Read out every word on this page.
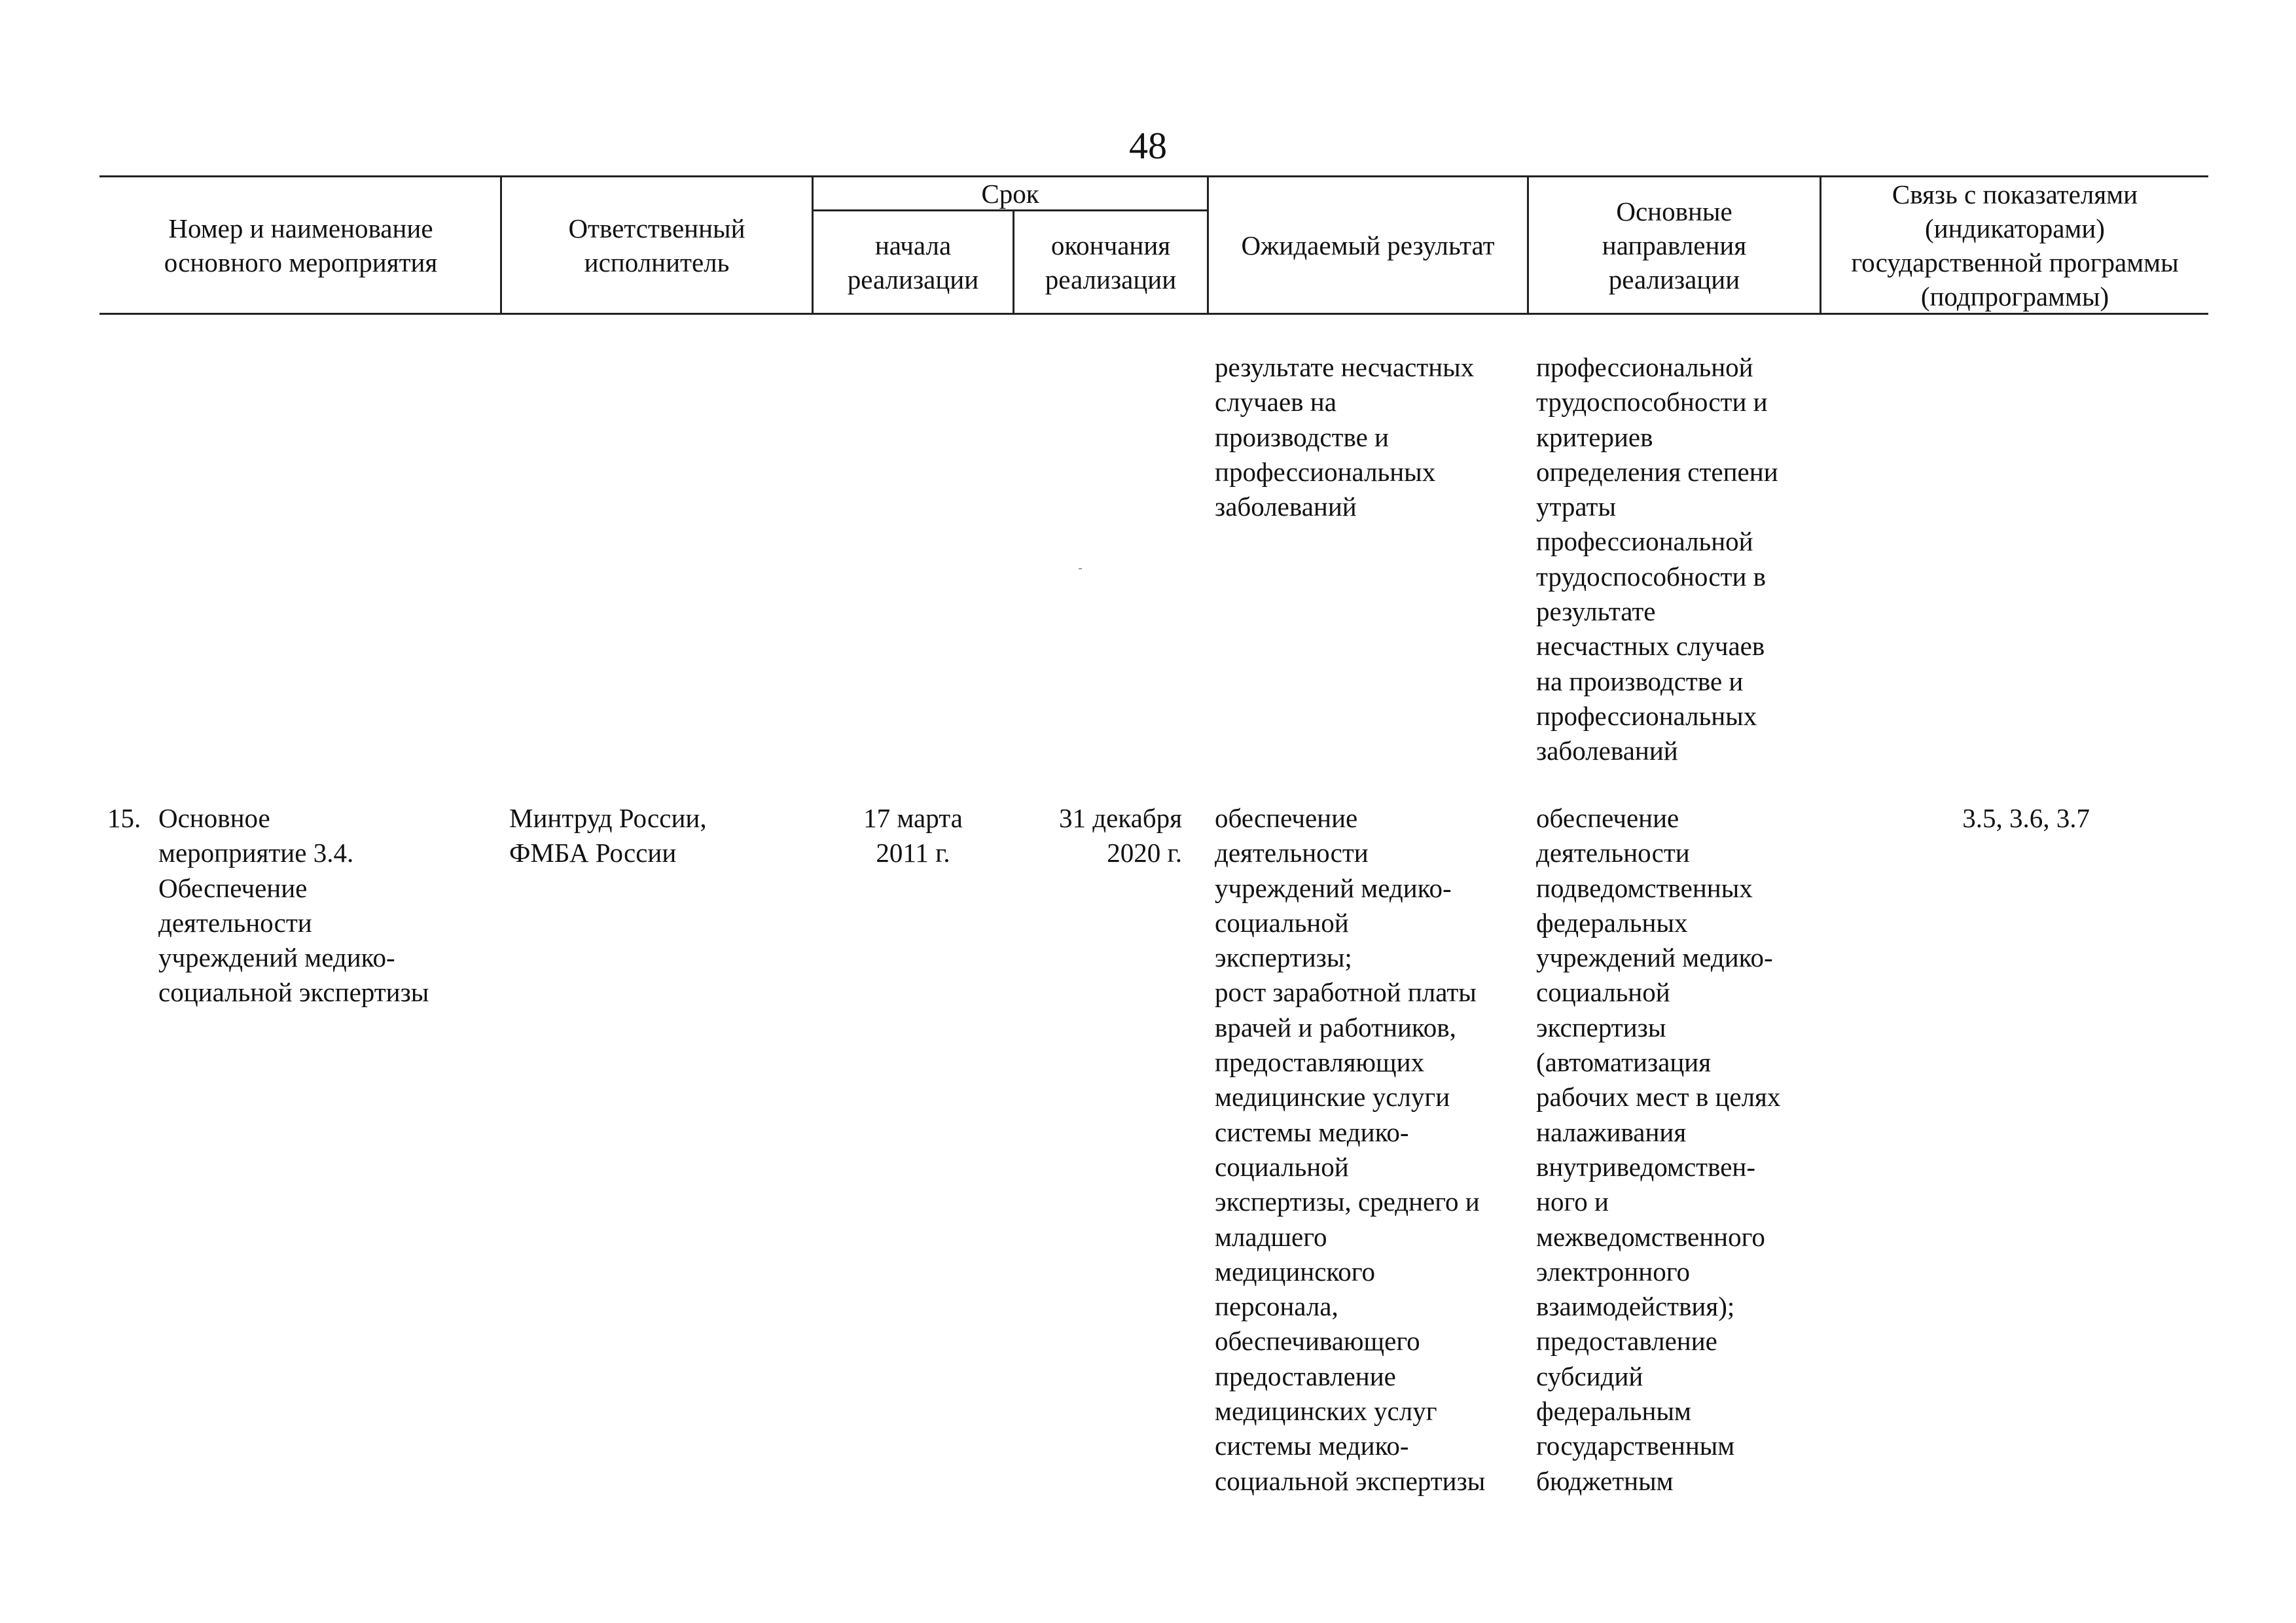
48
Номер и наименование
основного мероприятия
Ответственный
исполнитель
Срок
начала
реализации
окончания
реализации
Ожидаемый результат
Основные
направления
реализации
Связь с показателями
(индикаторами)
государственной программы
(подпрограммы)
результате несчастных
случаев на
производстве и
профессиональных
заболеваний
профессиональной
трудоспособности и
критериев
определения степени
утраты
профессиональной
трудоспособности в
результате
несчастных случаев
на производстве и
профессиональных
заболеваний
15. Основное
мероприятие 3.4.
Обеспечение
деятельности
учреждений медико-
социальной экспертизы
Минтруд России,
ФМБА России
17 марта
2011 г.
31 декабря
2020 г.
обеспечение
деятельности
учреждений медико-
социальной
экспертизы;
рост заработной платы
врачей и работников,
предоставляющих
медицинские услуги
системы медико-
социальной
экспертизы, среднего и
младшего
медицинского
персонала,
обеспечивающего
предоставление
медицинских услуг
системы медико-
социальной экспертизы
обеспечение
деятельности
подведомственных
федеральных
учреждений медико-
социальной
экспертизы
(автоматизация
рабочих мест в целях
налаживания
внутриведомствен-
ного и
межведомственного
электронного
взаимодействия);
предоставление
субсидий
федеральным
государственным
бюджетным
3.5, 3.6, 3.7
